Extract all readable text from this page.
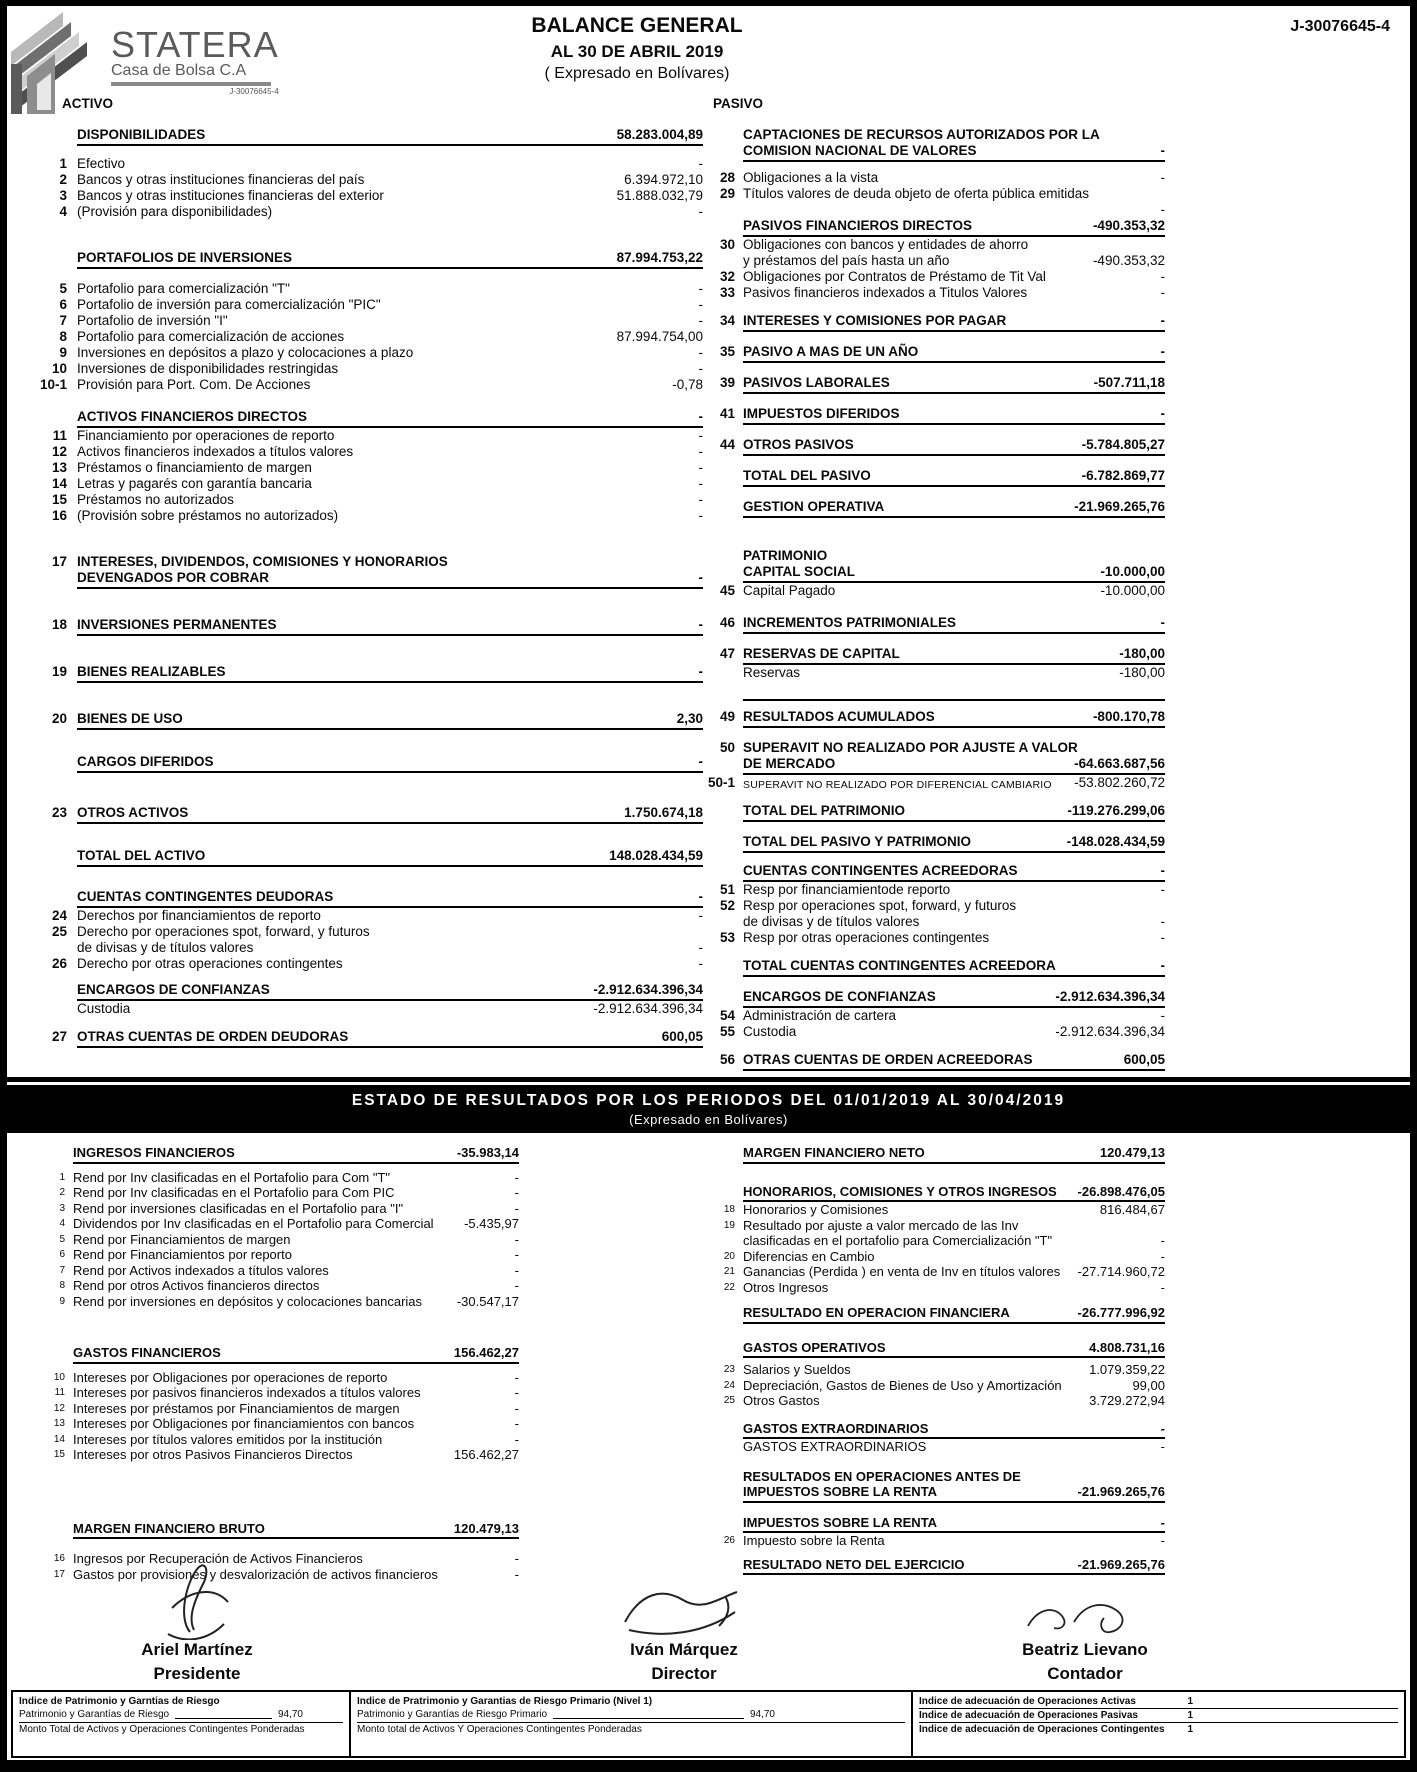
STATERA
Casa de Bolsa C.A
J-30076645-4
BALANCE GENERAL
AL 30 DE ABRIL 2019
( Expresado en Bolívares)
J-30076645-4
ACTIVO
DISPONIBILIDADES	58.283.004,89
1 Efectivo	-
2 Bancos y otras instituciones financieras del país	6.394.972,10
3 Bancos y otras instituciones financieras del exterior	51.888.032,79
4 (Provisión para disponibilidades)	-
PORTAFOLIOS DE INVERSIONES	87.994.753,22
5 Portafolio para comercialización "T"	-
6 Portafolio de inversión para comercialización "PIC"	-
7 Portafolio de inversión "I"	-
8 Portafolio para comercialización de acciones	87.994.754,00
9 Inversiones en depósitos a plazo y colocaciones a plazo	-
10 Inversiones de disponibilidades restringidas	-
10-1 Provisión para Port. Com. De Acciones	-0,78
ACTIVOS FINANCIEROS DIRECTOS	-
11 Financiamiento por operaciones de reporto	-
12 Activos financieros indexados a títulos valores	-
13 Préstamos o financiamiento de margen	-
14 Letras y pagarés con garantía bancaria	-
15 Préstamos no autorizados	-
16 (Provisión sobre préstamos no autorizados)	-
17 INTERESES, DIVIDENDOS, COMISIONES Y HONORARIOS
DEVENGADOS POR COBRAR	-
18 INVERSIONES PERMANENTES	-
19 BIENES REALIZABLES	-
20 BIENES DE USO	2,30
CARGOS DIFERIDOS	-
23 OTROS ACTIVOS	1.750.674,18
TOTAL DEL ACTIVO	148.028.434,59
CUENTAS CONTINGENTES DEUDORAS	-
24 Derechos por financiamientos de reporto	-
25 Derecho por operaciones spot, forward, y futuros
de divisas y de títulos valores	-
26 Derecho por otras operaciones contingentes	-
ENCARGOS DE CONFIANZAS	-2.912.634.396,34
Custodia	-2.912.634.396,34
27 OTRAS CUENTAS DE ORDEN DEUDORAS	600,05
PASIVO
CAPTACIONES DE RECURSOS AUTORIZADOS POR LA
COMISION NACIONAL DE VALORES	-
28 Obligaciones a la vista	-
29 Títulos valores de deuda objeto de oferta pública emitidas
-
PASIVOS FINANCIEROS DIRECTOS	-490.353,32
30 Obligaciones con bancos y entidades de ahorro
y préstamos del país hasta un año	-490.353,32
32 Obligaciones por Contratos de Préstamo de Tit Val	-
33 Pasivos financieros indexados a Titulos Valores	-
34 INTERESES Y COMISIONES POR PAGAR	-
35 PASIVO A MAS DE UN AÑO	-
39 PASIVOS LABORALES	-507.711,18
41 IMPUESTOS DIFERIDOS	-
44 OTROS PASIVOS	-5.784.805,27
TOTAL DEL PASIVO	-6.782.869,77
GESTION OPERATIVA	-21.969.265,76
PATRIMONIO
CAPITAL SOCIAL	-10.000,00
45 Capital Pagado	-10.000,00
46 INCREMENTOS PATRIMONIALES	-
47 RESERVAS DE CAPITAL	-180,00
Reservas	-180,00
49 RESULTADOS ACUMULADOS	-800.170,78
50 SUPERAVIT NO REALIZADO POR AJUSTE A VALOR
DE MERCADO	-64.663.687,56
50-1 SUPERAVIT NO REALIZADO POR DIFERENCIAL CAMBIARIO	-53.802.260,72
TOTAL DEL PATRIMONIO	-119.276.299,06
TOTAL DEL PASIVO Y PATRIMONIO	-148.028.434,59
CUENTAS CONTINGENTES ACREEDORAS	-
51 Resp por financiamientode reporto	-
52 Resp por operaciones spot, forward, y futuros
de divisas y de títulos valores	-
53 Resp por otras operaciones contingentes	-
TOTAL CUENTAS CONTINGENTES ACREEDORA	-
ENCARGOS DE CONFIANZAS	-2.912.634.396,34
54 Administración de cartera	-
55 Custodia	-2.912.634.396,34
56 OTRAS CUENTAS DE ORDEN ACREEDORAS	600,05
ESTADO DE RESULTADOS POR LOS PERIODOS DEL 01/01/2019 AL 30/04/2019
(Expresado en Bolívares)
INGRESOS FINANCIEROS	-35.983,14
1 Rend por Inv clasificadas en el Portafolio para Com "T"	-
2 Rend por Inv clasificadas en el Portafolio para Com PIC	-
3 Rend por inversiones clasificadas en el Portafolio para "I"	-
4 Dividendos por Inv clasificadas en el Portafolio para Comercial	-5.435,97
5 Rend por Financiamientos de margen	-
6 Rend por Financiamientos por reporto	-
7 Rend por Activos indexados a títulos valores	-
8 Rend por otros Activos financieros directos	-
9 Rend por inversiones en depósitos y colocaciones bancarias	-30.547,17
GASTOS FINANCIEROS	156.462,27
10 Intereses por Obligaciones por operaciones de reporto	-
11 Intereses por pasivos financieros indexados a títulos valores	-
12 Intereses por préstamos por Financiamientos de margen	-
13 Intereses por Obligaciones por financiamientos con bancos	-
14 Intereses por títulos valores emitidos por la institución	-
15 Intereses por otros Pasivos Financieros Directos	156.462,27
MARGEN FINANCIERO BRUTO	120.479,13
16 Ingresos por Recuperación de Activos Financieros	-
17 Gastos por provisiones y desvalorización de activos financieros	-
MARGEN FINANCIERO NETO	120.479,13
HONORARIOS, COMISIONES Y OTROS INGRESOS	-26.898.476,05
18 Honorarios y Comisiones	816.484,67
19 Resultado por ajuste a valor mercado de las Inv
clasificadas en el portafolio para Comercialización "T"	-
20 Diferencias en Cambio	-
21 Ganancias (Perdida ) en venta de Inv en títulos valores	-27.714.960,72
22 Otros Ingresos	-
RESULTADO EN OPERACION FINANCIERA	-26.777.996,92
GASTOS OPERATIVOS	4.808.731,16
23 Salarios y Sueldos	1.079.359,22
24 Depreciación, Gastos de Bienes de Uso y Amortización	99,00
25 Otros Gastos	3.729.272,94
GASTOS EXTRAORDINARIOS	-
GASTOS EXTRAORDINARIOS	-
RESULTADOS EN OPERACIONES ANTES DE
IMPUESTOS SOBRE LA RENTA	-21.969.265,76
IMPUESTOS SOBRE LA RENTA	-
26 Impuesto sobre la Renta	-
RESULTADO NETO DEL EJERCICIO	-21.969.265,76
Ariel Martínez
Presidente
Iván Márquez
Director
Beatriz Lievano
Contador
Indice de Patrimonio y Garntias de Riesgo
Patrimonio y Garantías de Riesgo	94,70
Monto Total de Activos y Operaciones Contingentes Ponderadas
Indice de Pratrimonio y Garantias de Riesgo Primario (Nivel 1)
Patrimonio y Garantías de Riesgo Primario	94,70
Monto total de Activos Y Operaciones Contingentes Ponderadas
Indice de adecuación de Operaciones Activas	1
Indice de adecuación de Operaciones Pasivas	1
Indice de adecuación de Operaciones Contingentes 1
